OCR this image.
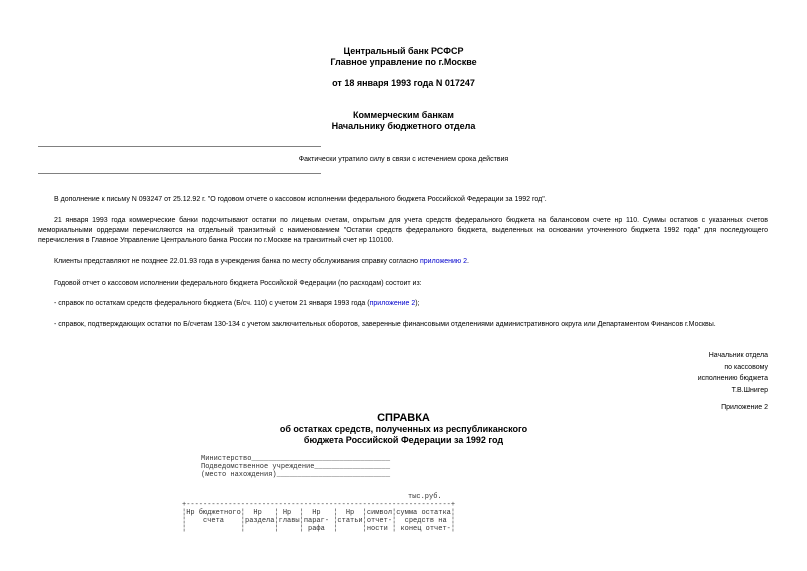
Центральный банк РСФСР
Главное управление по г.Москве
от 18 января 1993 года N 017247
Коммерческим банкам
Начальнику бюджетного отдела
Фактически утратило силу в связи с истечением срока действия
В дополнение к письму N 093247 от 25.12.92 г. "О годовом отчете о кассовом исполнении федерального бюджета Российской Федерации за 1992 год".
21 января 1993 года коммерческие банки подсчитывают остатки по лицевым счетам, открытым для учета средств федерального бюджета на балансовом счете нр 110. Суммы остатков с указанных счетов мемориальными ордерами перечисляются на отдельный транзитный с наименованием "Остатки средств федерального бюджета, выделенных на основании уточненного бюджета 1992 года" для последующего перечисления в Главное Управление Центрального банка России по г.Москве на транзитный счет нр 110100.
Клиенты представляют не позднее 22.01.93 года в учреждения банка по месту обслуживания справку согласно приложению 2.
Годовой отчет о кассовом исполнении федерального бюджета Российской Федерации (по расходам) состоит из:
- справок по остаткам средств федерального бюджета (Б/сч. 110) с учетом 21 января 1993 года (приложение 2);
- справок, подтверждающих остатки по Б/счетам 130-134 с учетом заключительных оборотов, заверенные финансовыми отделениями административного округа или Департаментом Финансов г.Москвы.
Начальник отдела
по кассовому
исполнению бюджета
Т.В.Шнигер
Приложение 2
СПРАВКА
об остатках средств, полученных из республиканского
бюджета Российской Федерации за 1992 год
Министерство_________________________________
Подведомственное учреждение__________________
(место нахождения)___________________________
тыс.руб.
+---------------------------------------------------------------+
¦Нр бюджетного¦  Нр   ¦ Нр  ¦  Нр   ¦  Нр  ¦символ¦сумма остатка¦
¦    счета    ¦раздела¦главы¦параг- ¦статьи¦отчет-¦  средств на ¦
¦             ¦       ¦     ¦ рафа  ¦      ¦ности ¦ конец отчет-¦
